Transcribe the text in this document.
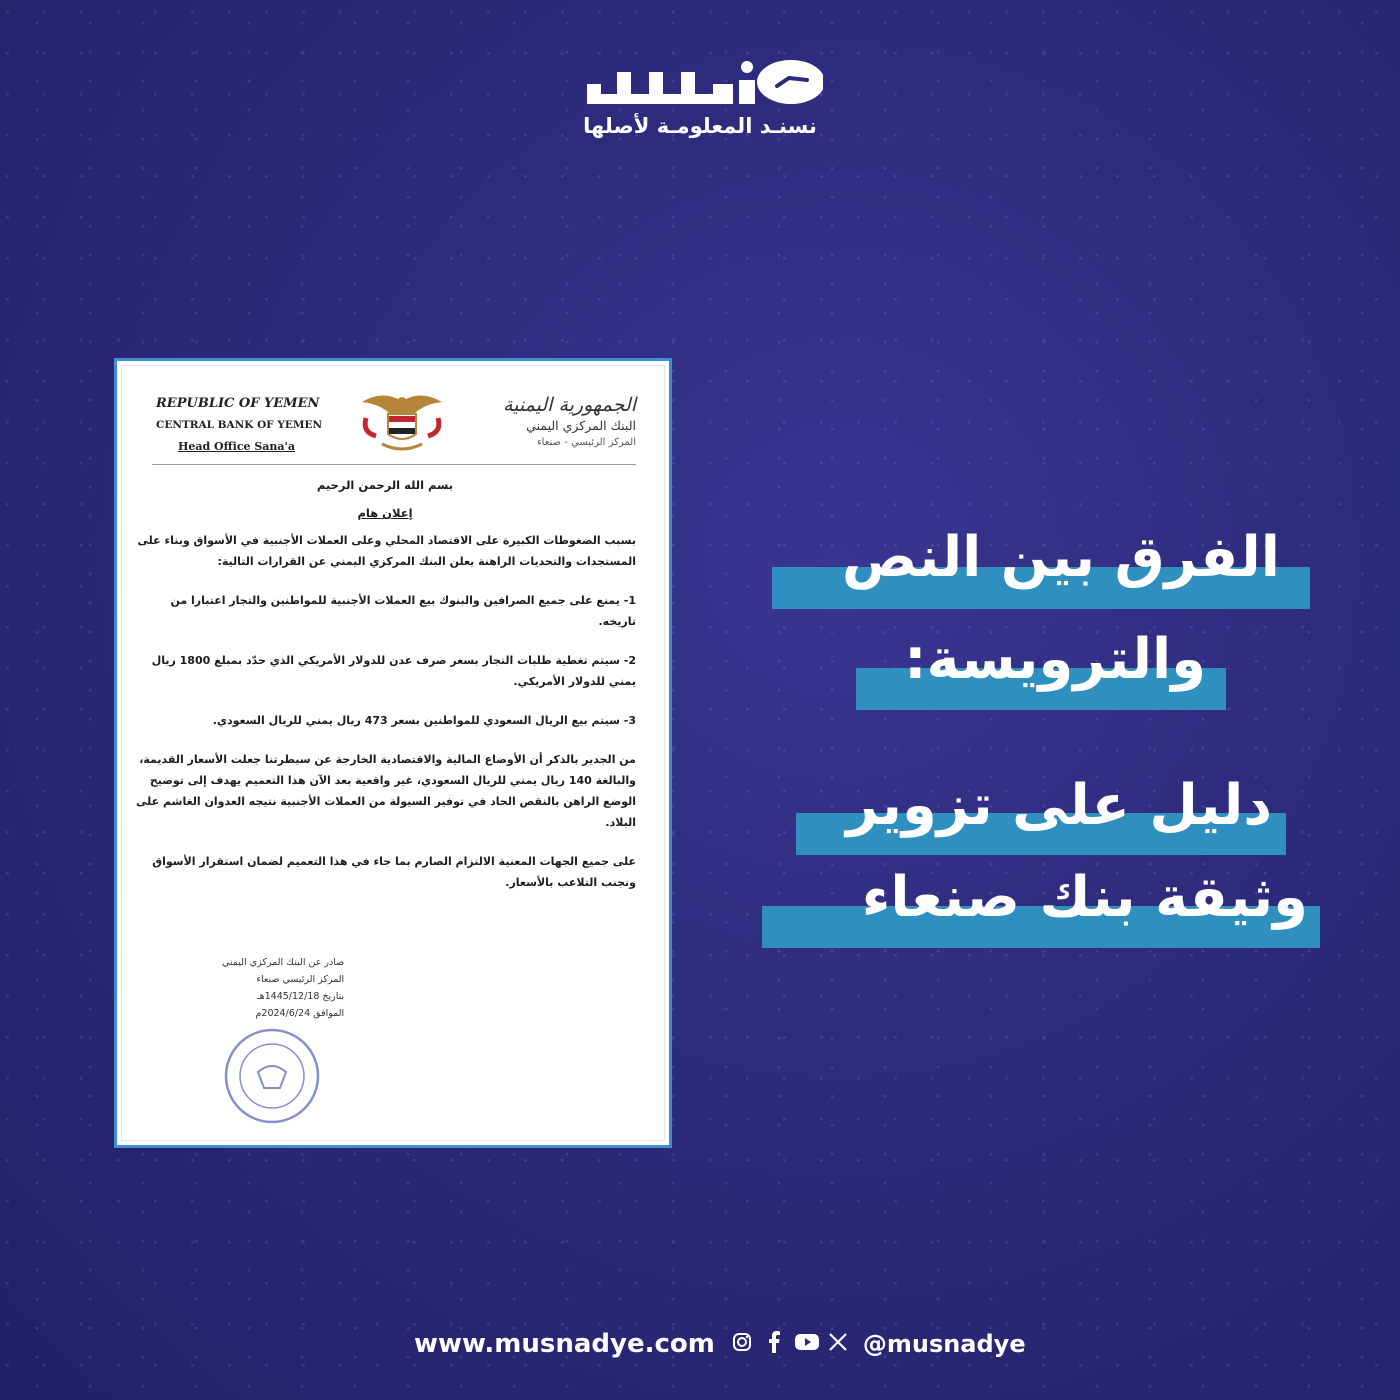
نسنـد المعلومـة لأصلها
REPUBLIC OF YEMEN
CENTRAL BANK OF YEMEN
Head Office Sana'a
الجمهورية اليمنية
البنك المركزي اليمني
المركز الرئيسي - صنعاء
بسم الله الرحمن الرحيم
إعلان هام

بسبب الضغوطات الكبيرة على الاقتصاد المحلي وعلى العملات الأجنبية في الأسواق وبناء على المستجدات والتحديات الراهنة يعلن البنك المركزي اليمني عن القرارات التالية:

1- يمنع على جميع الصرافين والبنوك بيع العملات الأجنبية للمواطنين والتجار اعتبارا من تاريخه.

2- سيتم تغطية طلبات التجار بسعر صرف عدن للدولار الأمريكي الذي حدّد بمبلغ 1800 ريال يمني للدولار الأمريكي.

3- سيتم بيع الريال السعودي للمواطنين بسعر 473 ريال يمني للريال السعودي.

من الجدير بالذكر أن الأوضاع المالية والاقتصادية الخارجة عن سيطرتنا جعلت الأسعار القديمة، والبالغة 140 ريال يمني للريال السعودي، غير واقعية بعد الآن هذا التعميم يهدف إلى توضيح الوضع الراهن بالنقص الحاد في توفير السيولة من العملات الأجنبية نتيجه العدوان الغاشم على البلاد.

على جميع الجهات المعنية الالتزام الصارم بما جاء في هذا التعميم لضمان استقرار الأسواق وتجنب التلاعب بالأسعار.

صادر عن البنك المركزي اليمني
المركز الرئيسي صنعاء
بتاريخ 1445/12/18هـ
الموافق 2024/6/24م
الفرق بين النص
والترويسة:
دليل على تزوير
وثيقة بنك صنعاء
www.musnadye.com	@musnadye
